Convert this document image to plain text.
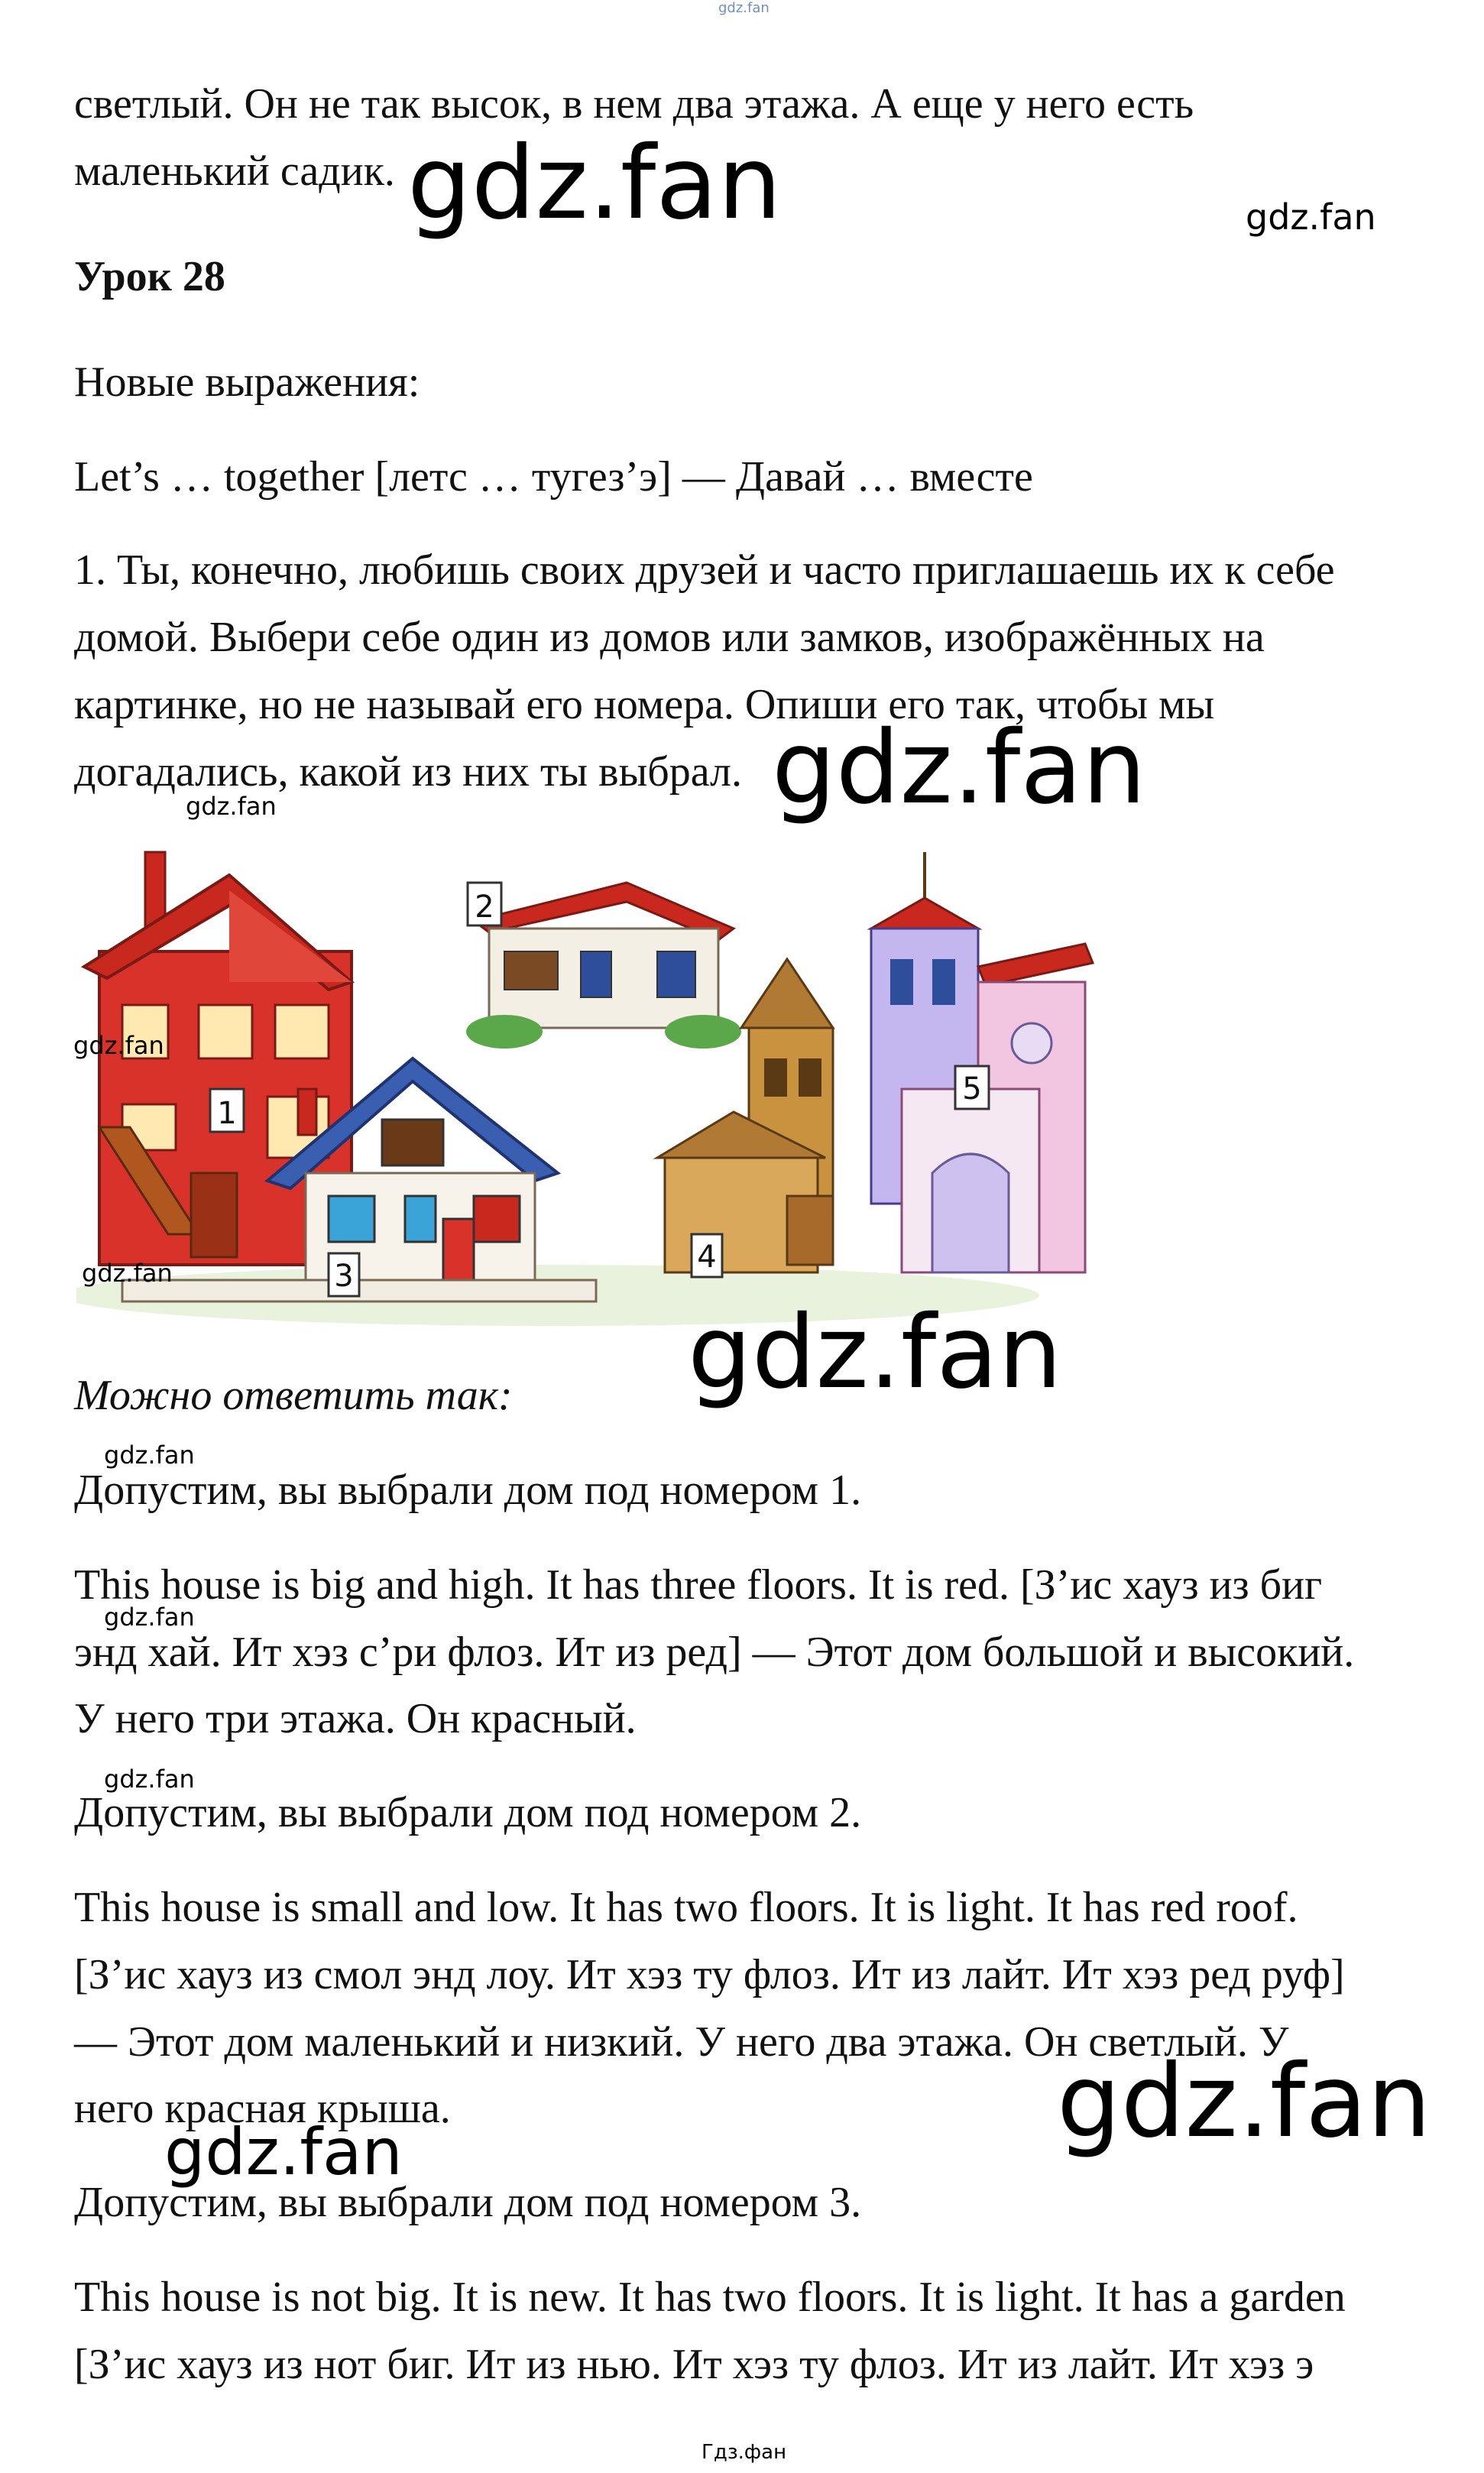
gdz.fan

светлый. Он не так высок, в нем два этажа. А еще у него есть

маленький садик. gdz.fan	gdz.fan
Урок 28

Новые выражения:

Let’s … together [летс … тугез’э] — Давай … вместе

1. Ты, конечно, любишь своих друзей и часто приглашаешь их к себе

домой. Выбери себе один из домов или замков, изображённых на

картинке, но не называй его номера. Опиши его так, чтобы мы

догадались, какой из них ты выбрал. gdz.fan
gdz.fan
1
2
3
4
5
gdz.fan
gdz.fan
gdz.fan

Можно ответить так:

gdz.fan

Допустим, вы выбрали дом под номером 1.

This house is big and high. It has three floors. It is red. [З’ис хауз из биг

gdz.fan

энд хай. Ит хэз с’ри флоз. Ит из ред] — Этот дом большой и высокий.

У него три этажа. Он красный.

gdz.fan

Допустим, вы выбрали дом под номером 2.

This house is small and low. It has two floors. It is light. It has red roof.

[З’ис хауз из смол энд лоу. Ит хэз ту флоз. Ит из лайт. Ит хэз ред руф]

— Этот дом маленький и низкий. У него два этажа. Он светлый. У

него красная крыша.	gdz.fan
gdz.fan

Допустим, вы выбрали дом под номером 3.

This house is not big. It is new. It has two floors. It is light. It has a garden

[З’ис хауз из нот биг. Ит из нью. Ит хэз ту флоз. Ит из лайт. Ит хэз э

Гдз.фан
